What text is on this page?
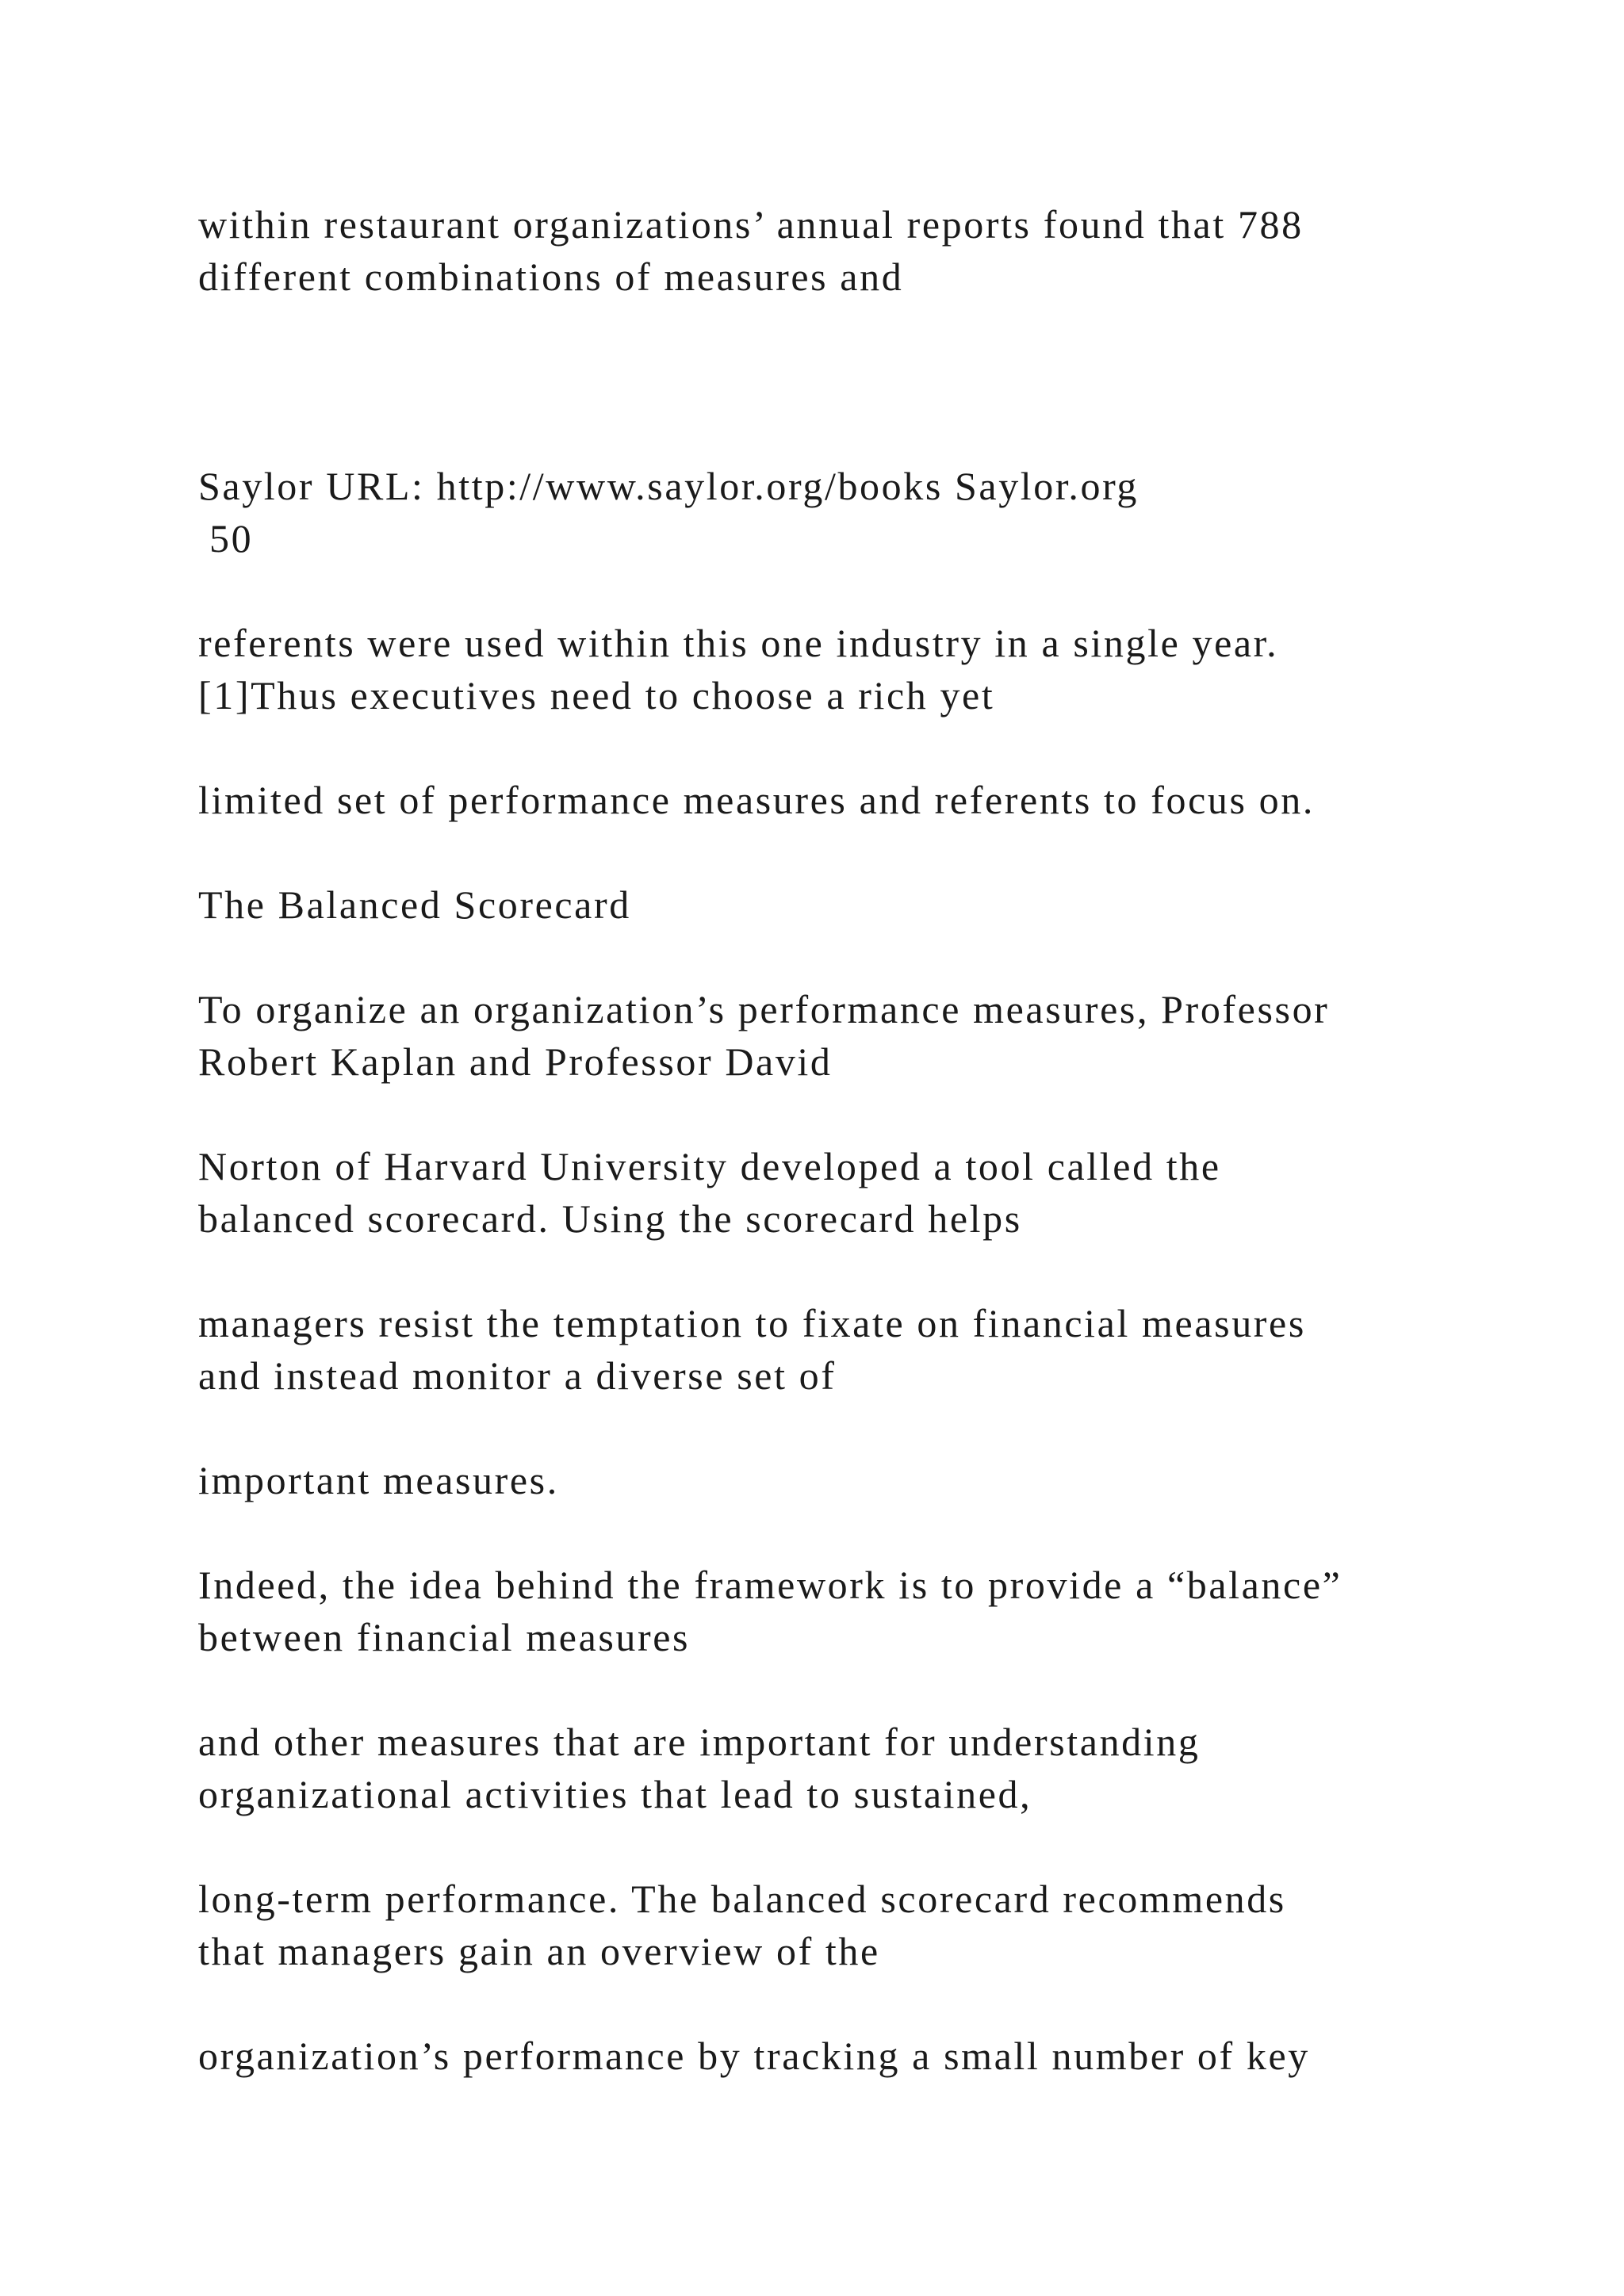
within restaurant organizations’ annual reports found that 788
different combinations of measures and

Saylor URL: http://www.saylor.org/books Saylor.org
50

referents were used within this one industry in a single year.
[1]Thus executives need to choose a rich yet

limited set of performance measures and referents to focus on.

The Balanced Scorecard

To organize an organization’s performance measures, Professor
Robert Kaplan and Professor David

Norton of Harvard University developed a tool called the
balanced scorecard. Using the scorecard helps

managers resist the temptation to fixate on financial measures
and instead monitor a diverse set of

important measures.

Indeed, the idea behind the framework is to provide a “balance”
between financial measures

and other measures that are important for understanding
organizational activities that lead to sustained,

long-term performance. The balanced scorecard recommends
that managers gain an overview of the

organization’s performance by tracking a small number of key
